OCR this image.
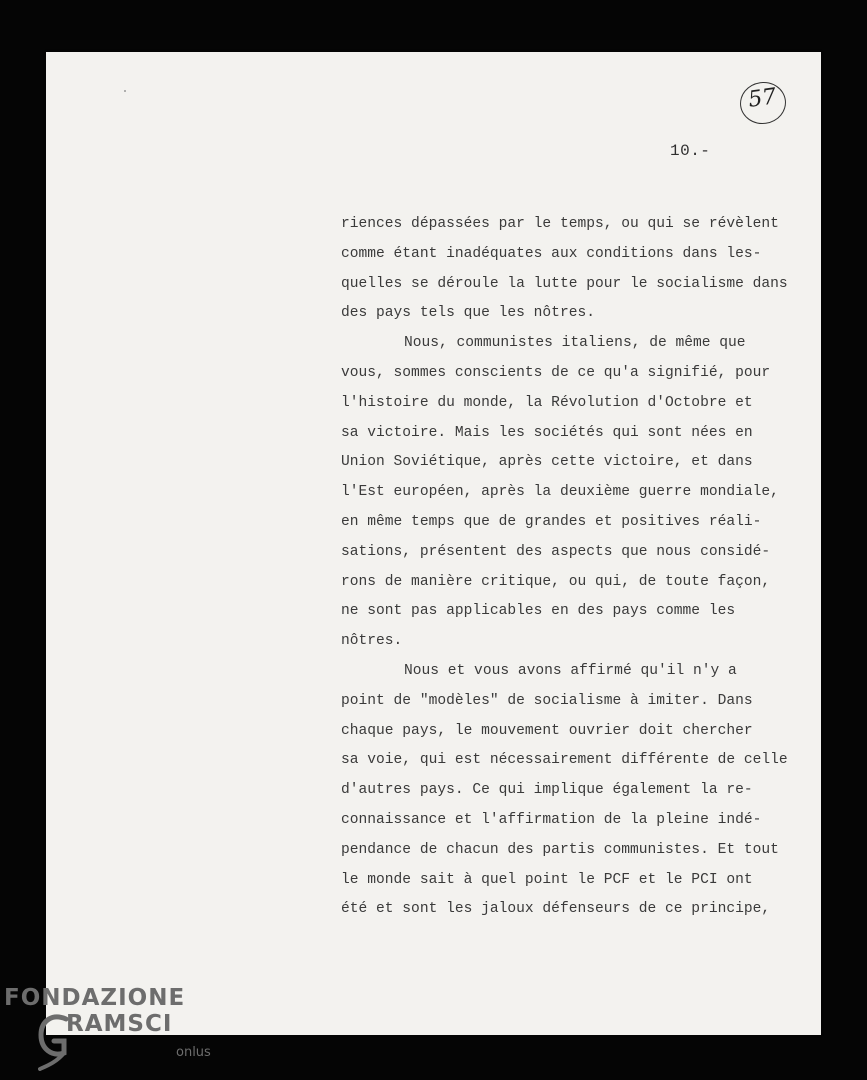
57
10.-
riences dépassées par le temps, ou qui se révèlent
comme étant inadéquates aux conditions dans les-
quelles se déroule la lutte pour le socialisme dans
des pays tels que les nôtres.
Nous, communistes italiens, de même que
vous, sommes conscients de ce qu'a signifié, pour
l'histoire du monde, la Révolution d'Octobre et
sa victoire. Mais les sociétés qui sont nées en
Union Soviétique, après cette victoire, et dans
l'Est européen, après la deuxième guerre mondiale,
en même temps que de grandes et positives réali-
sations, présentent des aspects que nous considé-
rons de manière critique, ou qui, de toute façon,
ne sont pas applicables en des pays comme les
nôtres.
Nous et vous avons affirmé qu'il n'y a
point de "modèles" de socialisme à imiter. Dans
chaque pays, le mouvement ouvrier doit chercher
sa voie, qui est nécessairement différente de celle
d'autres pays. Ce qui implique également la re-
connaissance et l'affirmation de la pleine indé-
pendance de chacun des partis communistes. Et tout
le monde sait à quel point le PCF et le PCI ont
été et sont les jaloux défenseurs de ce principe,
FONDAZIONE
RAMSCI
onlus
